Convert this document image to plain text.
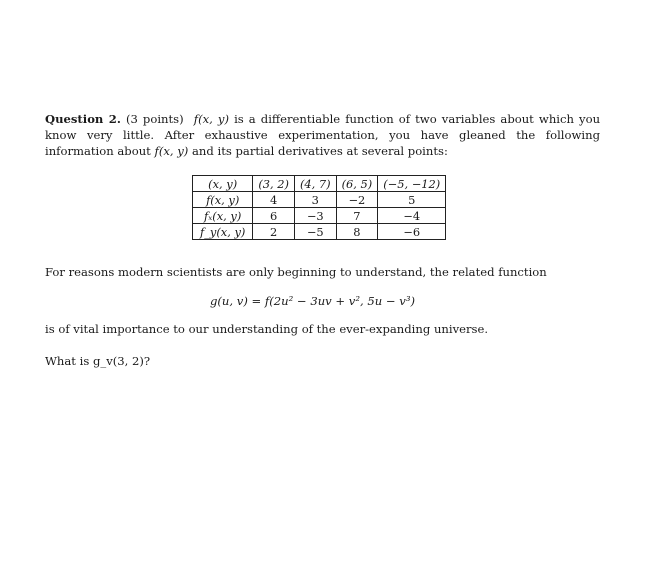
Question 2. (3 points) f(x, y) is a differentiable function of two variables about which you know very little. After exhaustive experimentation, you have gleaned the following information about f(x, y) and its partial derivatives at several points:

(x, y)	(3, 2)	(4, 7)	(6, 5)	(−5, −12)
f(x, y)	4	3	−2	5
fₓ(x, y)	6	−3	7	−4
f_y(x, y)	2	−5	8	−6

For reasons modern scientists are only beginning to understand, the related function

g(u, v) = f(2u² − 3uv + v², 5u − v³)

is of vital importance to our understanding of the ever-expanding universe.

What is g_v(3, 2)?
